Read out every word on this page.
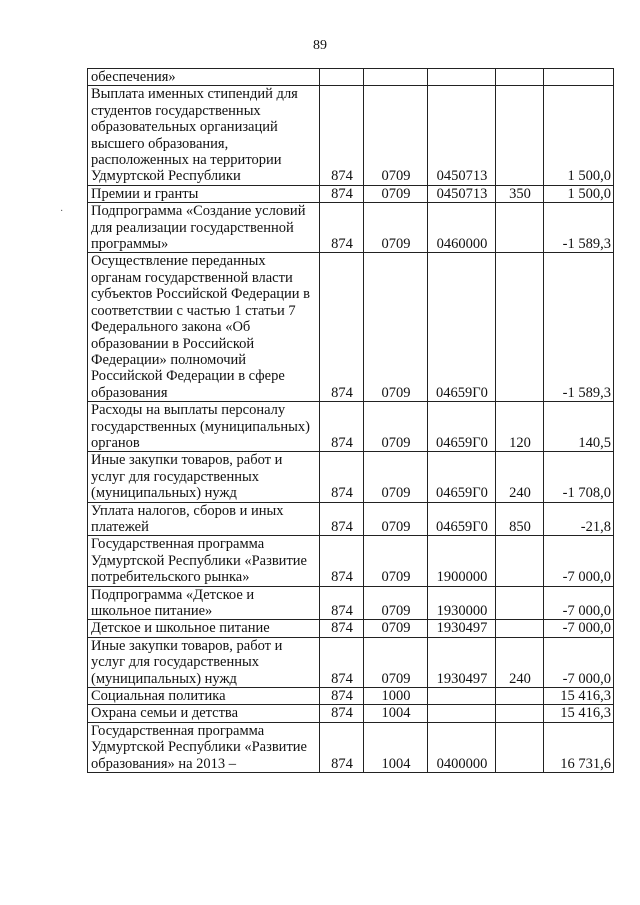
89
·
обеспечения»					
Выплата именных стипендий для студентов государственных образовательных организаций высшего образования, расположенных на территории Удмуртской Республики	874	0709	0450713		1 500,0
Премии и гранты	874	0709	0450713	350	1 500,0
Подпрограмма «Создание условий для реализации государственной программы»	874	0709	0460000		-1 589,3
Осуществление переданных органам государственной власти субъектов Российской Федерации в соответствии с частью 1 статьи 7 Федерального закона «Об образовании в Российской Федерации» полномочий Российской Федерации в сфере образования	874	0709	04659Г0		-1 589,3
Расходы на выплаты персоналу государственных (муниципальных) органов	874	0709	04659Г0	120	140,5
Иные закупки товаров, работ и услуг для государственных (муниципальных) нужд	874	0709	04659Г0	240	-1 708,0
Уплата налогов, сборов и иных платежей	874	0709	04659Г0	850	-21,8
Государственная программа Удмуртской Республики «Развитие потребительского рынка»	874	0709	1900000		-7 000,0
Подпрограмма «Детское и школьное питание»	874	0709	1930000		-7 000,0
Детское и школьное питание	874	0709	1930497		-7 000,0
Иные закупки товаров, работ и услуг для государственных (муниципальных) нужд	874	0709	1930497	240	-7 000,0
Социальная политика	874	1000			15 416,3
Охрана семьи и детства	874	1004			15 416,3
Государственная программа Удмуртской Республики «Развитие образования» на 2013 –	874	1004	0400000		16 731,6
